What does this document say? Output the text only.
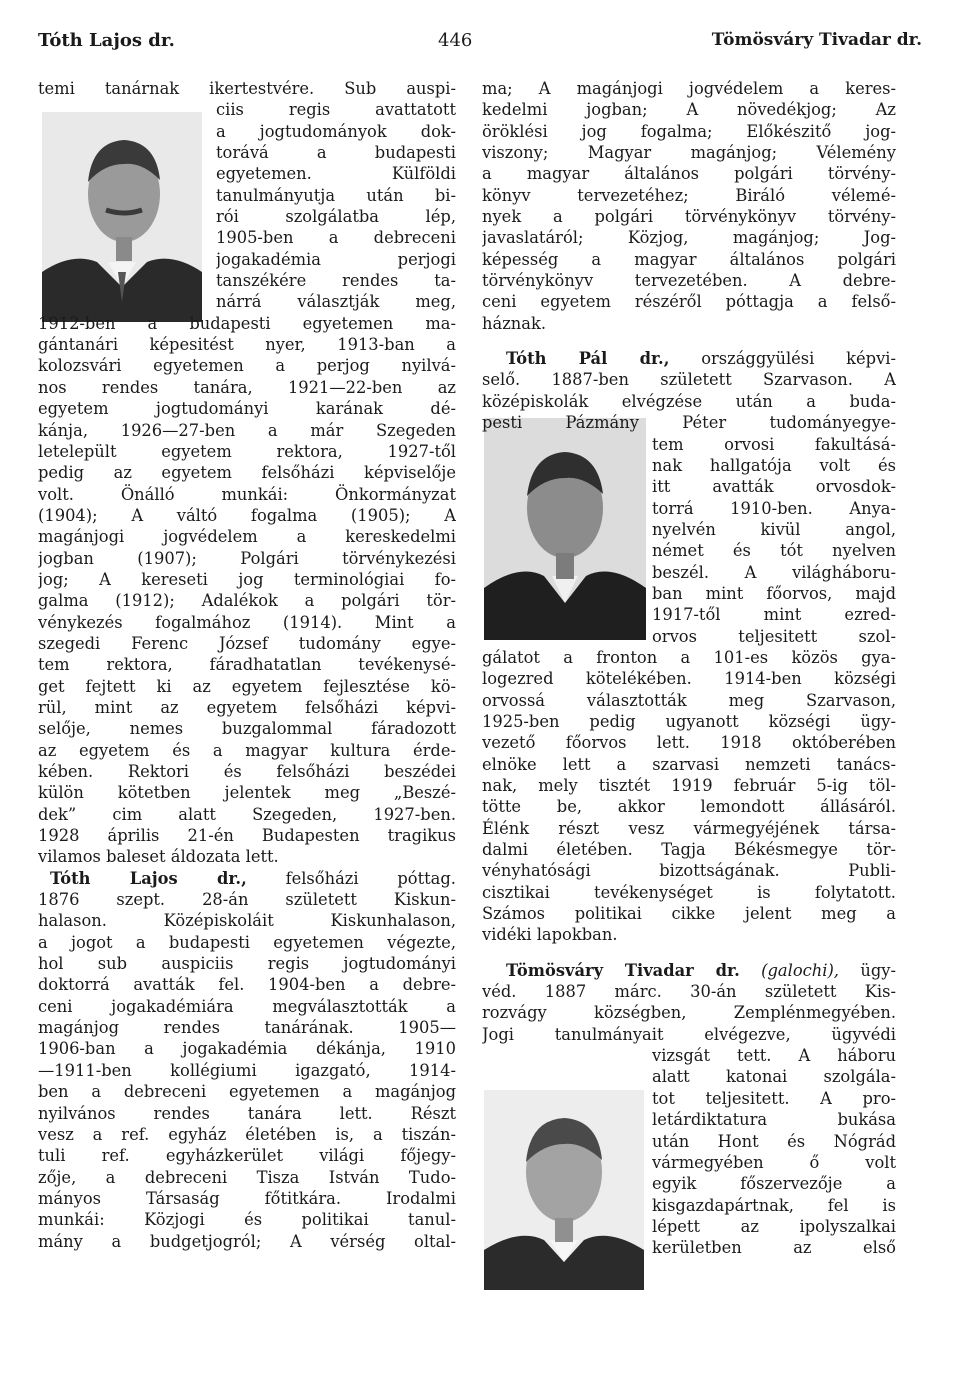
Tóth Lajos dr.	446	Tömösváry Tivadar dr.
temi tanárnak ikertestvére. Sub auspi-
ciis regis avattatott
a jogtudományok dok-
torává a budapesti
egyetemen. Külföldi
tanulmányutja után bi-
rói szolgálatba lép,
1905-ben a debreceni
jogakadémia perjogi
tanszékére rendes ta-
nárrá választják meg,
1912-ben a budapesti egyetemen ma-
gántanári képesitést nyer, 1913-ban a
kolozsvári egyetemen a perjog nyilvá-
nos rendes tanára, 1921—22-ben az
egyetem jogtudományi karának dé-
kánja, 1926—27-ben a már Szegeden
letelepült egyetem rektora, 1927-től
pedig az egyetem felsőházi képviselője
volt. Önálló munkái: Önkormányzat
(1904); A váltó fogalma (1905); A
magánjogi jogvédelem a kereskedelmi
jogban (1907); Polgári törvénykezési
jog; A kereseti jog terminológiai fo-
galma (1912); Adalékok a polgári tör-
vénykezés fogalmához (1914). Mint a
szegedi Ferenc József tudomány egye-
tem rektora, fáradhatatlan tevékenysé-
get fejtett ki az egyetem fejlesztése kö-
rül, mint az egyetem felsőházi képvi-
selője, nemes buzgalommal fáradozott
az egyetem és a magyar kultura érde-
kében. Rektori és felsőházi beszédei
külön kötetben jelentek meg „Beszé-
dek” cim alatt Szegeden, 1927-ben.
1928 április 21-én Budapesten tragikus
vilamos baleset áldozata lett.
Tóth Lajos dr., felsőházi póttag.
1876 szept. 28-án született Kiskun-
halason. Középiskoláit Kiskunhalason,
a jogot a budapesti egyetemen végezte,
hol sub auspiciis regis jogtudományi
doktorrá avatták fel. 1904-ben a debre-
ceni jogakadémiára megválasztották a
magánjog rendes tanárának. 1905—
1906-ban a jogakadémia dékánja, 1910
—1911-ben kollégiumi igazgató, 1914-
ben a debreceni egyetemen a magánjog
nyilvános rendes tanára lett. Részt
vesz a ref. egyház életében is, a tiszán-
tuli ref. egyházkerület világi főjegy-
zője, a debreceni Tisza István Tudo-
mányos Társaság főtitkára. Irodalmi
munkái: Közjogi és politikai tanul-
mány a budgetjogról; A vérség oltal-
ma; A magánjogi jogvédelem a keres-
kedelmi jogban; A növedékjog; Az
öröklési jog fogalma; Előkészitő jog-
viszony; Magyar magánjog; Vélemény
a magyar általános polgári törvény-
könyv tervezetéhez; Biráló vélemé-
nyek a polgári törvénykönyv törvény-
javaslatáról; Közjog, magánjog; Jog-
képesség a magyar általános polgári
törvénykönyv tervezetében. A debre-
ceni egyetem részéről póttagja a felső-
háznak.
Tóth Pál dr., országgyülési képvi-
selő. 1887-ben született Szarvason. A
középiskolák elvégzése után a buda-
pesti Pázmány Péter tudományegye-
tem orvosi fakultásá-
nak hallgatója volt és
itt avatták orvosdok-
torrá 1910-ben. Anya-
nyelvén kivül angol,
német és tót nyelven
beszél. A világháboru-
ban mint főorvos, majd
1917-től mint ezred-
orvos teljesitett szol-
gálatot a fronton a 101-es közös gya-
logezred kötelékében. 1914-ben községi
orvossá választották meg Szarvason,
1925-ben pedig ugyanott községi ügy-
vezető főorvos lett. 1918 októberében
elnöke lett a szarvasi nemzeti tanács-
nak, mely tisztét 1919 február 5-ig töl-
tötte be, akkor lemondott állásáról.
Élénk részt vesz vármegyéjének társa-
dalmi életében. Tagja Békésmegye tör-
vényhatósági bizottságának. Publi-
cisztikai tevékenységet is folytatott.
Számos politikai cikke jelent meg a
vidéki lapokban.
Tömösváry Tivadar dr. (galochi), ügy-
véd. 1887 márc. 30-án született Kis-
rozvágy községben, Zemplénmegyében.
Jogi tanulmányait elvégezve, ügyvédi
vizsgát tett. A háboru
alatt katonai szolgála-
tot teljesitett. A pro-
letárdiktatura bukása
után Hont és Nógrád
vármegyében ő volt
egyik főszervezője a
kisgazdapártnak, fel is
lépett az ipolyszalkai
kerületben az első
